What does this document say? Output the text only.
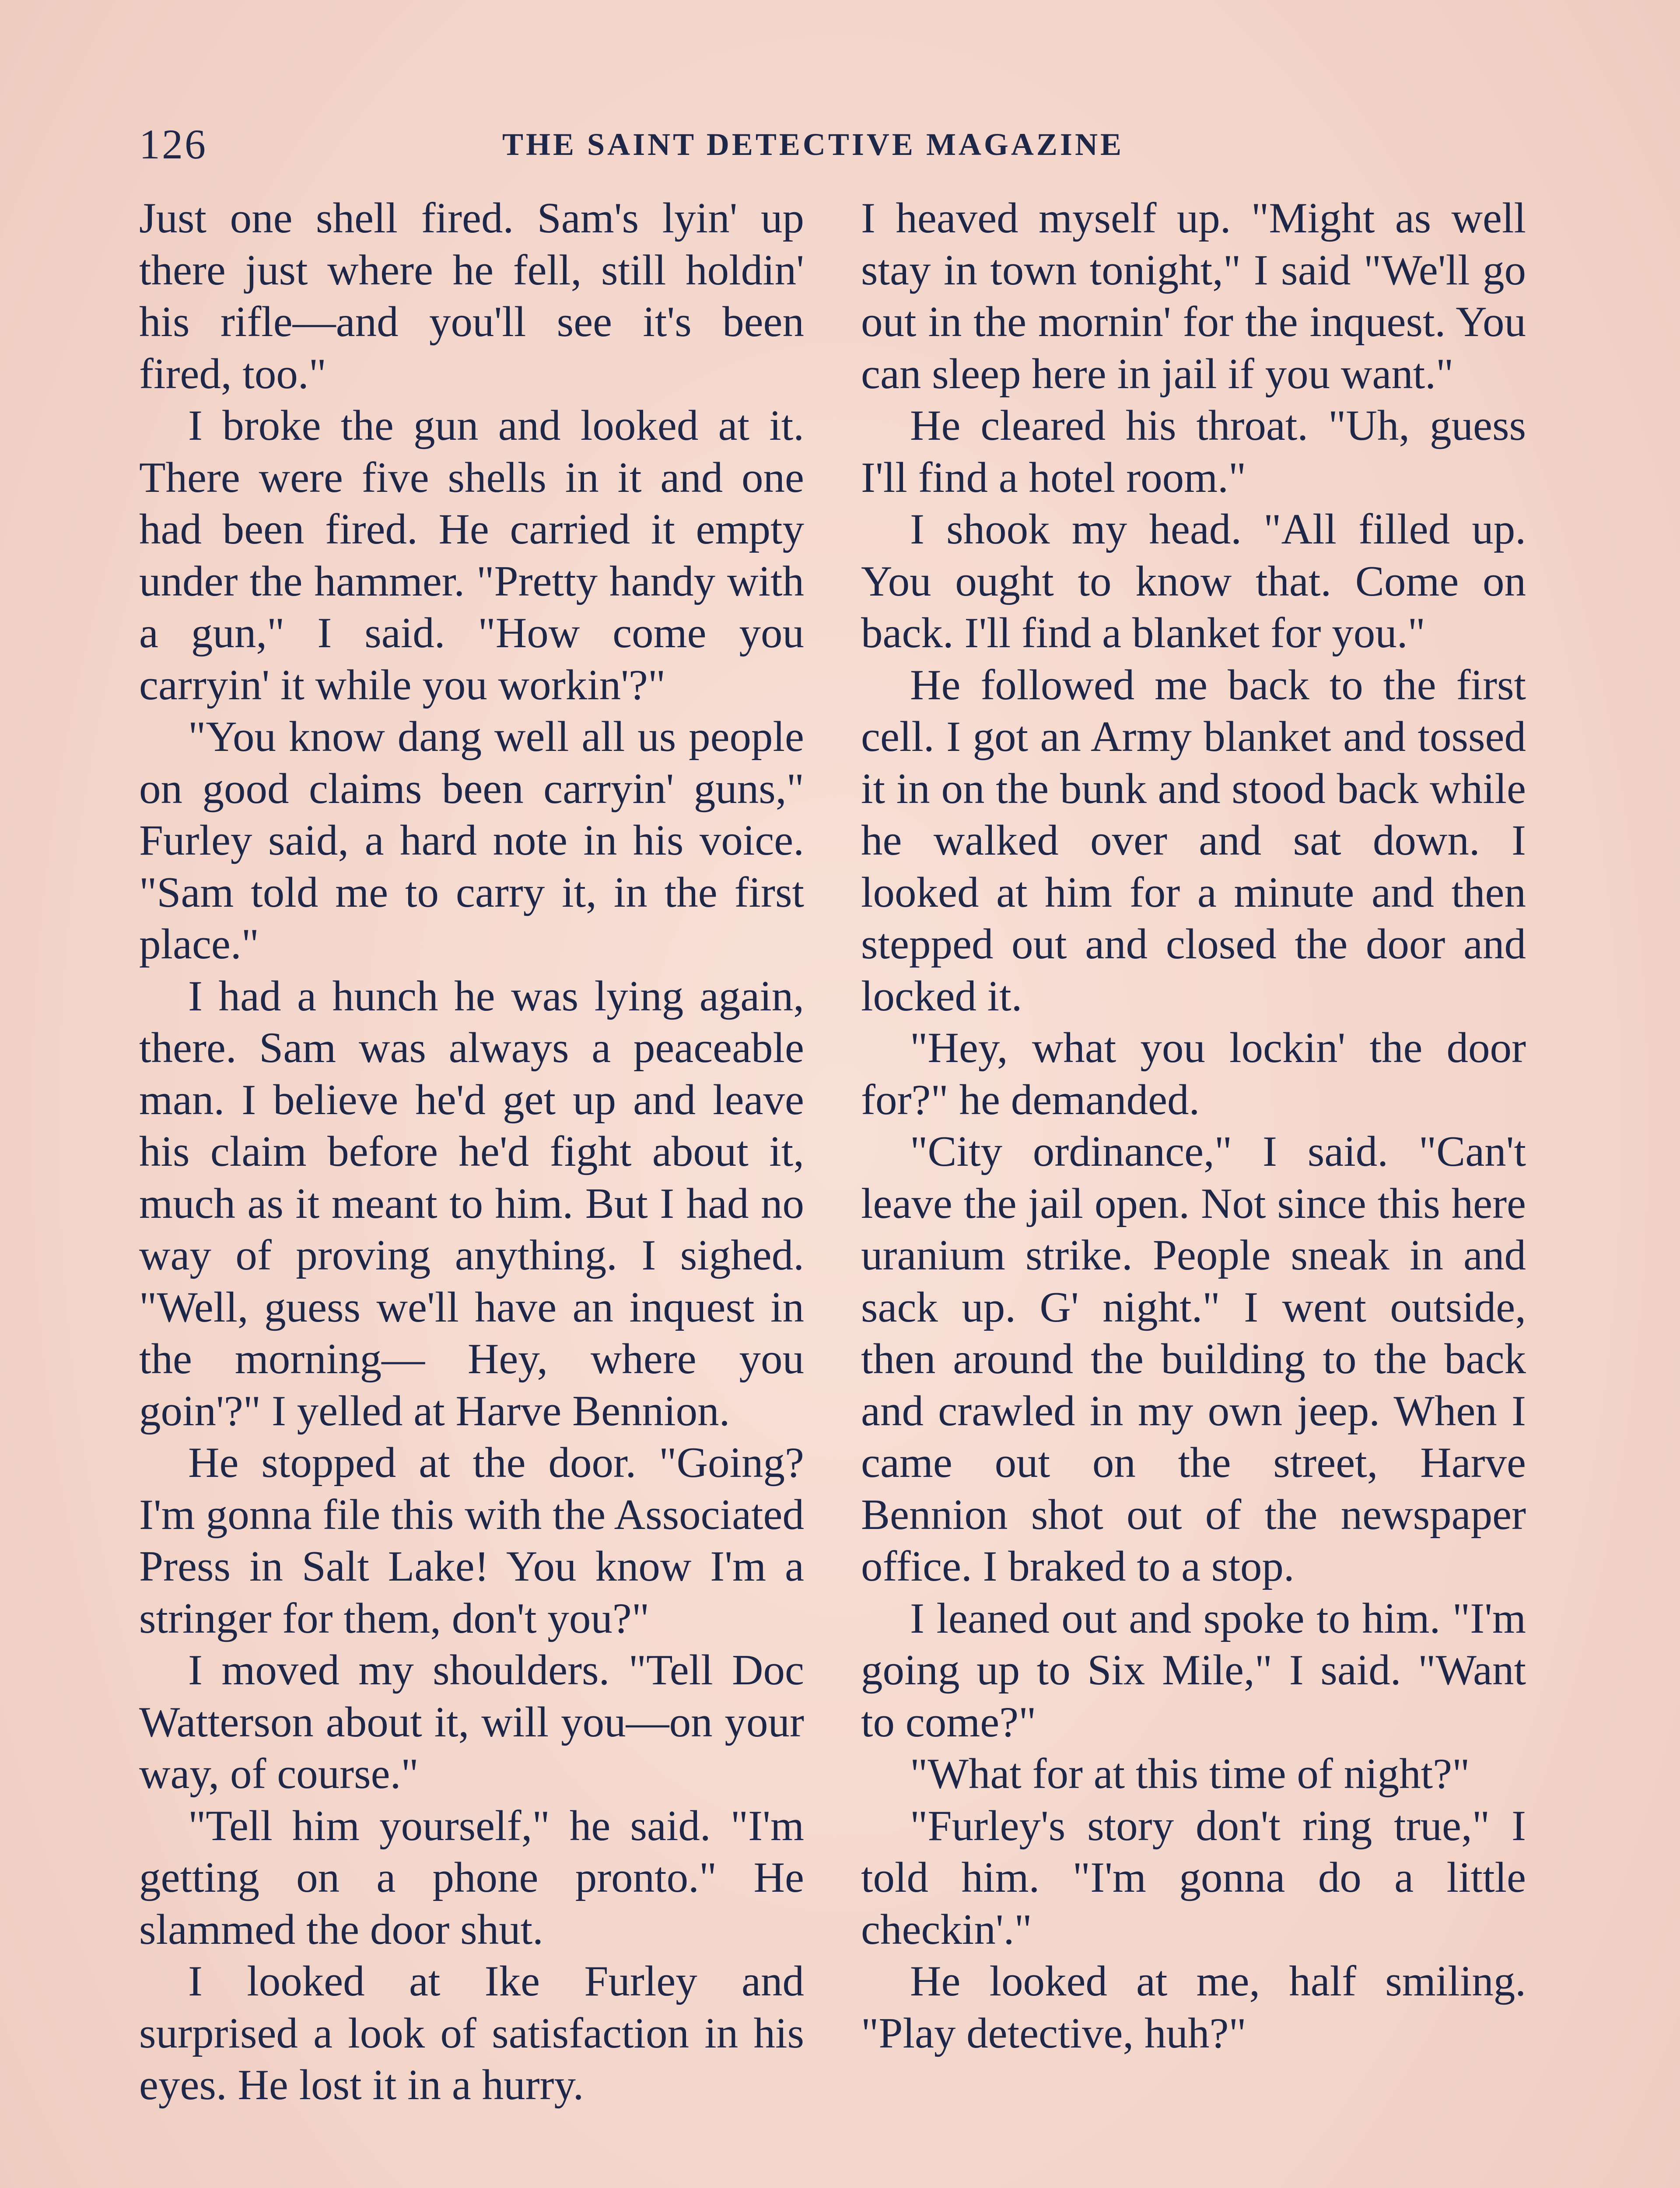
126	THE SAINT DETECTIVE MAGAZINE

Just one shell fired. Sam's lyin' up there just where he fell, still holdin' his rifle—and you'll see it's been fired, too."

I broke the gun and looked at it. There were five shells in it and one had been fired. He carried it empty under the hammer. "Pretty handy with a gun," I said. "How come you carryin' it while you workin'?"

"You know dang well all us people on good claims been carryin' guns," Furley said, a hard note in his voice. "Sam told me to carry it, in the first place."

I had a hunch he was lying again, there. Sam was always a peaceable man. I believe he'd get up and leave his claim before he'd fight about it, much as it meant to him. But I had no way of proving anything. I sighed. "Well, guess we'll have an inquest in the morning— Hey, where you goin'?" I yelled at Harve Bennion.

He stopped at the door. "Going? I'm gonna file this with the Associated Press in Salt Lake! You know I'm a stringer for them, don't you?"

I moved my shoulders. "Tell Doc Watterson about it, will you—on your way, of course."

"Tell him yourself," he said. "I'm getting on a phone pronto." He slammed the door shut.

I looked at Ike Furley and surprised a look of satisfaction in his eyes. He lost it in a hurry.

I heaved myself up. "Might as well stay in town tonight," I said "We'll go out in the mornin' for the inquest. You can sleep here in jail if you want."

He cleared his throat. "Uh, guess I'll find a hotel room."

I shook my head. "All filled up. You ought to know that. Come on back. I'll find a blanket for you."

He followed me back to the first cell. I got an Army blanket and tossed it in on the bunk and stood back while he walked over and sat down. I looked at him for a minute and then stepped out and closed the door and locked it.

"Hey, what you lockin' the door for?" he demanded.

"City ordinance," I said. "Can't leave the jail open. Not since this here uranium strike. People sneak in and sack up. G' night." I went outside, then around the building to the back and crawled in my own jeep. When I came out on the street, Harve Bennion shot out of the newspaper office. I braked to a stop.

I leaned out and spoke to him. "I'm going up to Six Mile," I said. "Want to come?"

"What for at this time of night?"

"Furley's story don't ring true," I told him. "I'm gonna do a little checkin'."

He looked at me, half smiling. "Play detective, huh?"
